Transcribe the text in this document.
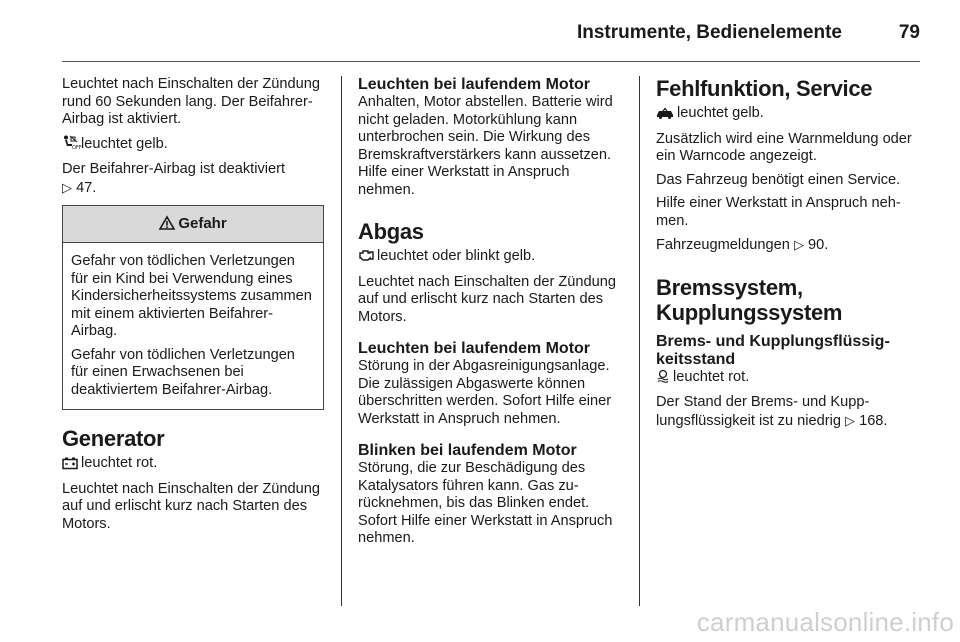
Instrumente, Bedienelemente	79

Leuchtet nach Einschalten der Zündung rund 60 Sekunden lang. Der Beifahrer-Airbag ist aktiviert.

OFF leuchtet gelb.

Der Beifahrer-Airbag ist deaktiviert
▷ 47.

Gefahr

Gefahr von tödlichen Verletzungen für ein Kind bei Verwendung eines Kindersicherheitssystems zusammen mit einem aktivierten Beifahrer-Airbag.

Gefahr von tödlichen Verletzungen für einen Erwachsenen bei deaktiviertem Beifahrer-Airbag.

Generator

leuchtet rot.

Leuchtet nach Einschalten der Zündung auf und erlischt kurz nach Starten des Motors.

Leuchten bei laufendem Motor

Anhalten, Motor abstellen. Batterie wird nicht geladen. Motorkühlung kann unterbrochen sein. Die Wirkung des Bremskraftverstärkers kann aussetzen. Hilfe einer Werkstatt in Anspruch nehmen.

Abgas

leuchtet oder blinkt gelb.

Leuchtet nach Einschalten der Zündung auf und erlischt kurz nach Starten des Motors.

Leuchten bei laufendem Motor

Störung in der Abgasreinigungsanlage. Die zulässigen Abgaswerte können überschritten werden. Sofort Hilfe einer Werkstatt in Anspruch nehmen.

Blinken bei laufendem Motor

Störung, die zur Beschädigung des Katalysators führen kann. Gas zurücknehmen, bis das Blinken endet. Sofort Hilfe einer Werkstatt in Anspruch nehmen.

Fehlfunktion, Service

leuchtet gelb.

Zusätzlich wird eine Warnmeldung oder ein Warncode angezeigt.

Das Fahrzeug benötigt einen Service.

Hilfe einer Werkstatt in Anspruch nehmen.

Fahrzeugmeldungen ▷ 90.

Bremssystem,
Kupplungssystem
Brems- und Kupplungsflüssigkeitsstand

leuchtet rot.

Der Stand der Brems- und Kupplungsflüssigkeit ist zu niedrig ▷ 168.

carmanualsonline.info
